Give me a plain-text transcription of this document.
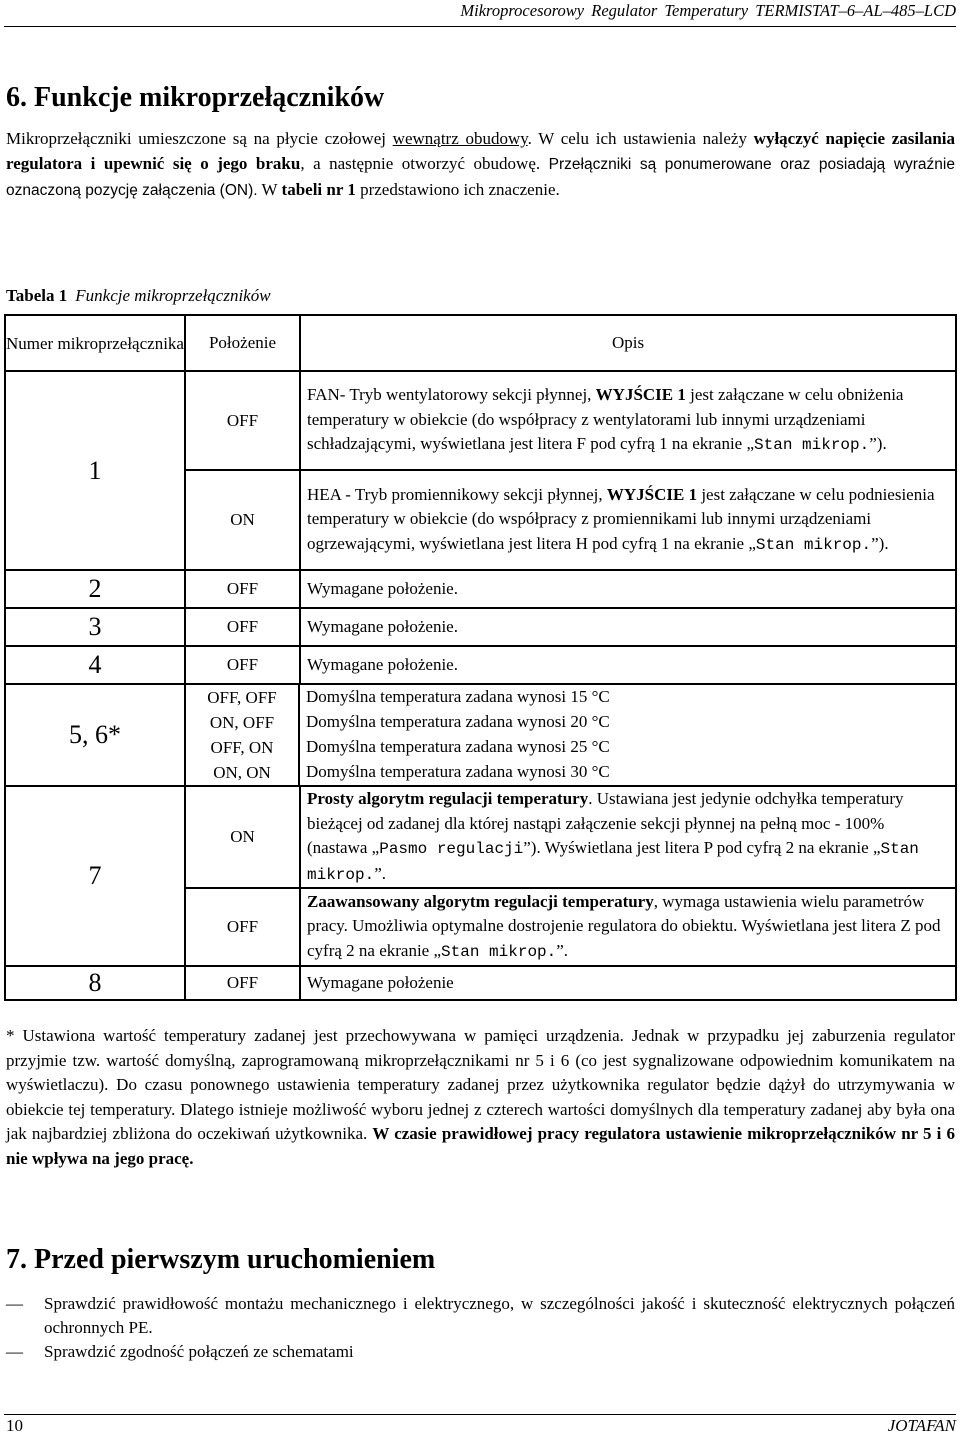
Mikroprocesorowy Regulator Temperatury TERMISTAT–6–AL–485–LCD
6. Funkcje mikroprzełączników
Mikroprzełączniki umieszczone są na płycie czołowej wewnątrz obudowy. W celu ich ustawienia należy wyłączyć napięcie zasilania regulatora i upewnić się o jego braku, a następnie otworzyć obudowę. Przełączniki są ponumerowane oraz posiadają wyraźnie oznaczoną pozycję załączenia (ON). W tabeli nr 1 przedstawiono ich znaczenie.
Tabela 1 Funkcje mikroprzełączników
Numer mikroprzełącznika	Położenie	Opis
1	OFF	FAN- Tryb wentylatorowy sekcji płynnej, WYJŚCIE 1 jest załączane w celu obniżenia temperatury w obiekcie (do współpracy z wentylatorami lub innymi urządzeniami schładzającymi, wyświetlana jest litera F pod cyfrą 1 na ekranie „Stan mikrop.”).
ON	HEA - Tryb promiennikowy sekcji płynnej, WYJŚCIE 1 jest załączane w celu podniesienia temperatury w obiekcie (do współpracy z promiennikami lub innymi urządzeniami ogrzewającymi, wyświetlana jest litera H pod cyfrą 1 na ekranie „Stan mikrop.”).
2	OFF	Wymagane położenie.
3	OFF	Wymagane położenie.
4	OFF	Wymagane położenie.
5, 6*	
OFF, OFF	Domyślna temperatura zadana wynosi 15 °C
ON, OFF	Domyślna temperatura zadana wynosi 20 °C
OFF, ON	Domyślna temperatura zadana wynosi 25 °C
ON, ON	Domyślna temperatura zadana wynosi 30 °C

7	ON	Prosty algorytm regulacji temperatury. Ustawiana jest jedynie odchyłka temperatury bieżącej od zadanej dla której nastąpi załączenie sekcji płynnej na pełną moc - 100% (nastawa „Pasmo regulacji”). Wyświetlana jest litera P pod cyfrą 2 na ekranie „Stan mikrop.”.
OFF	Zaawansowany algorytm regulacji temperatury, wymaga ustawienia wielu parametrów pracy. Umożliwia optymalne dostrojenie regulatora do obiektu. Wyświetlana jest litera Z pod cyfrą 2 na ekranie „Stan mikrop.”.
8	OFF	Wymagane położenie
* Ustawiona wartość temperatury zadanej jest przechowywana w pamięci urządzenia. Jednak w przypadku jej zaburzenia regulator przyjmie tzw. wartość domyślną, zaprogramowaną mikroprzełącznikami nr 5 i 6 (co jest sygnalizowane odpowiednim komunikatem na wyświetlaczu). Do czasu ponownego ustawienia temperatury zadanej przez użytkownika regulator będzie dążył do utrzymywania w obiekcie tej temperatury. Dlatego istnieje możliwość wyboru jednej z czterech wartości domyślnych dla temperatury zadanej aby była ona jak najbardziej zbliżona do oczekiwań użytkownika. W czasie prawidłowej pracy regulatora ustawienie mikroprzełączników nr 5 i 6 nie wpływa na jego pracę.
7. Przed pierwszym uruchomieniem
— Sprawdzić prawidłowość montażu mechanicznego i elektrycznego, w szczególności jakość i skuteczność elektrycznych połączeń ochronnych PE.
— Sprawdzić zgodność połączeń ze schematami
10	JOTAFAN
